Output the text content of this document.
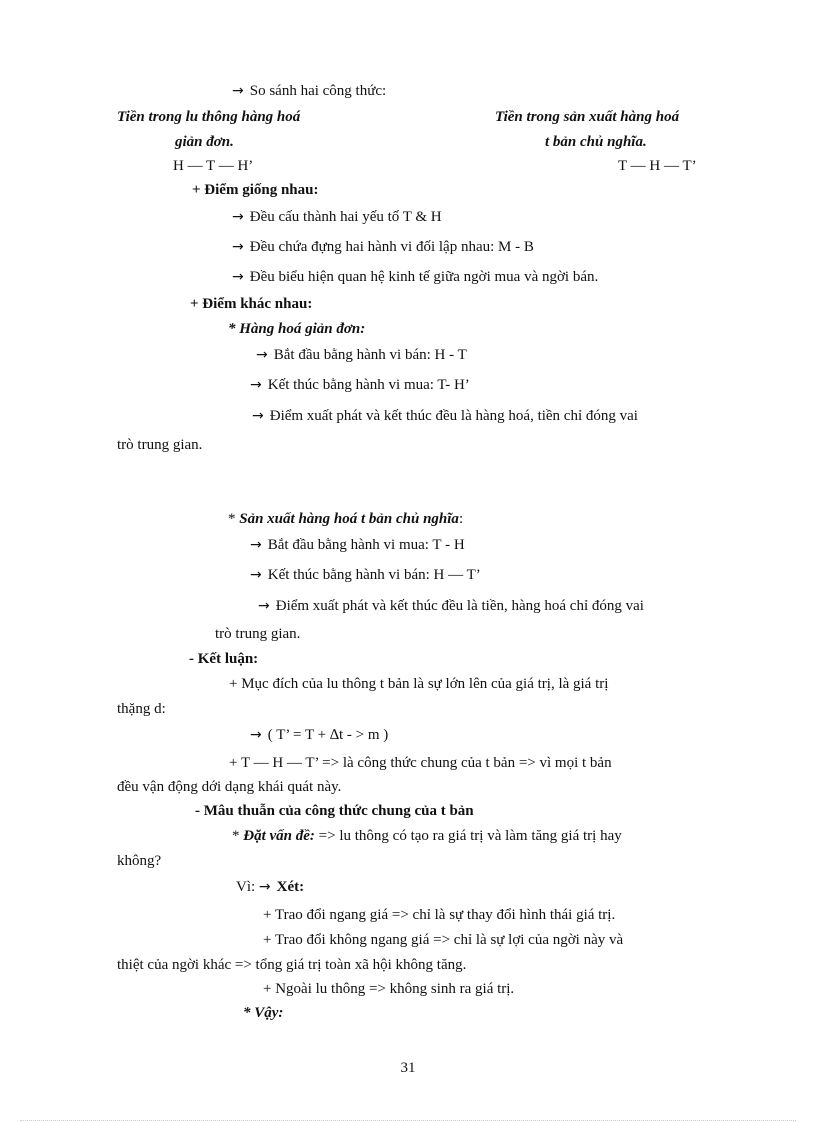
→ So sánh hai công thức:
Tiền trong lu thông hàng hoá	Tiền trong sản xuất hàng hoá
giản đơn.	t bản chủ nghĩa.
H — T — H’	T — H — T’
+ Điểm giống nhau:
→ Đều cấu thành hai yếu tố T & H
→ Đều chứa đựng hai hành vi đối lập nhau: M - B
→ Đều biểu hiện quan hệ kinh tế giữa ngời mua và ngời bán.
+ Điểm khác nhau:
* Hàng hoá giản đơn:
→ Bắt đầu bằng hành vi bán: H - T
→ Kết thúc bằng hành vi mua: T- H’
→ Điểm xuất phát và kết thúc đều là hàng hoá, tiền chỉ đóng vai
trò trung gian.
* Sản xuất hàng hoá t bản chủ nghĩa:
→ Bắt đầu bằng hành vi mua: T - H
→ Kết thúc bằng hành vi bán: H — T’
→ Điểm xuất phát và kết thúc đều là tiền, hàng hoá chỉ đóng vai
trò trung gian.
- Kết luận:
+ Mục đích của lu thông t bản là sự lớn lên của giá trị, là giá trị
thặng d:
→ ( T’ = T + ∆t - > m )
+ T — H — T’ => là công thức chung của t bản => vì mọi t bản
đều vận động dới dạng khái quát này.
- Mâu thuẫn của công thức chung của t bản
* Đặt vấn đề: => lu thông có tạo ra giá trị và làm tăng giá trị hay
không?
Vì: → Xét:
+ Trao đổi ngang giá => chỉ là sự thay đổi hình thái giá trị.
+ Trao đổi không ngang giá => chỉ là sự lợi của ngời này và
thiệt của ngời khác => tổng giá trị toàn xã hội không tăng.
+ Ngoài lu thông => không sinh ra giá trị.
* Vậy:
31
